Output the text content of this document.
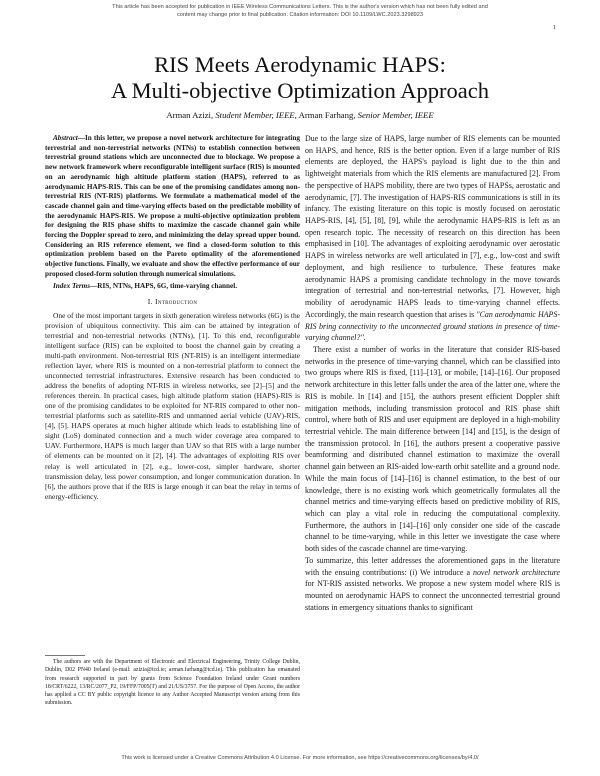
This article has been accepted for publication in IEEE Wireless Communications Letters. This is the author's version which has not been fully edited and
content may change prior to final publication. Citation information: DOI 10.1109/LWC.2023.3298923
1
RIS Meets Aerodynamic HAPS:
A Multi-objective Optimization Approach
Arman Azizi, Student Member, IEEE, Arman Farhang, Senior Member, IEEE

Abstract—In this letter, we propose a novel network architecture for integrating terrestrial and non-terrestrial networks (NTNs) to establish connection between terrestrial ground stations which are unconnected due to blockage. We propose a new network framework where reconfigurable intelligent surface (RIS) is mounted on an aerodynamic high altitude platform station (HAPS), referred to as aerodynamic HAPS-RIS. This can be one of the promising candidates among non-terrestrial RIS (NT-RIS) platforms. We formulate a mathematical model of the cascade channel gain and time-varying effects based on the predictable mobility of the aerodynamic HAPS-RIS. We propose a multi-objective optimization problem for designing the RIS phase shifts to maximize the cascade channel gain while forcing the Doppler spread to zero, and minimizing the delay spread upper bound. Considering an RIS reference element, we find a closed-form solution to this optimization problem based on the Pareto optimality of the aforementioned objective functions. Finally, we evaluate and show the effective performance of our proposed closed-form solution through numerical simulations.

Index Terms—RIS, NTNs, HAPS, 6G, time-varying channel.

I. Introduction

One of the most important targets in sixth generation wireless networks (6G) is the provision of ubiquitous connectivity. This aim can be attained by integration of terrestrial and non-terrestrial networks (NTNs), [1]. To this end, reconfigurable intelligent surface (RIS) can be exploited to boost the channel gain by creating a multi-path environment. Non-terrestrial RIS (NT-RIS) is an intelligent intermediate reflection layer, where RIS is mounted on a non-terrestrial platform to connect the unconnected terrestrial infrastructures. Extensive research has been conducted to address the benefits of adopting NT-RIS in wireless networks, see [2]–[5] and the references therein. In practical cases, high altitude platform station (HAPS)-RIS is one of the promising candidates to be exploited for NT-RIS compared to other non-terrestrial platforms such as satellite-RIS and unmanned aerial vehicle (UAV)-RIS, [4], [5]. HAPS operates at much higher altitude which leads to establishing line of sight (LoS) dominated connection and a much wider coverage area compared to UAV. Furthermore, HAPS is much larger than UAV so that RIS with a large number of elements can be mounted on it [2], [4]. The advantages of exploiting RIS over relay is well articulated in [2], e.g., lower-cost, simpler hardware, shorter transmission delay, less power consumption, and longer communication duration. In [6], the authors prove that if the RIS is large enough it can beat the relay in terms of energy-efficiency.

Due to the large size of HAPS, large number of RIS elements can be mounted on HAPS, and hence, RIS is the better option. Even if a large number of RIS elements are deployed, the HAPS's payload is light due to the thin and lightweight materials from which the RIS elements are manufactured [2]. From the perspective of HAPS mobility, there are two types of HAPSs, aerostatic and aerodynamic, [7]. The investigation of HAPS-RIS communications is still in its infancy. The existing literature on this topic is mostly focused on aerostatic HAPS-RIS, [4], [5], [8], [9], while the aerodynamic HAPS-RIS is left as an open research topic. The necessity of research on this direction has been emphasised in [10]. The advantages of exploiting aerodynamic over aerostatic HAPS in wireless networks are well articulated in [7], e.g., low-cost and swift deployment, and high resilience to turbulence. These features make aerodynamic HAPS a promising candidate technology in the move towards integration of terrestrial and non-terrestrial networks, [7]. However, high mobility of aerodynamic HAPS leads to time-varying channel effects. Accordingly, the main research question that arises is "Can aerodynamic HAPS-RIS bring connectivity to the unconnected ground stations in presence of time-varying channel?".

There exist a number of works in the literature that consider RIS-based networks in the presence of time-varying channel, which can be classified into two groups where RIS is fixed, [11]–[13], or mobile, [14]–[16]. Our proposed network architecture in this letter falls under the area of the latter one, where the RIS is mobile. In [14] and [15], the authors present efficient Doppler shift mitigation methods, including transmission protocol and RIS phase shift control, where both of RIS and user equipment are deployed in a high-mobility terrestrial vehicle. The main difference between [14] and [15], is the design of the transmission protocol. In [16], the authors present a cooperative passive beamforming and distributed channel estimation to maximize the overall channel gain between an RIS-aided low-earth orbit satellite and a ground node. While the main focus of [14]–[16] is channel estimation, to the best of our knowledge, there is no existing work which geometrically formulates all the channel metrics and time-varying effects based on predictive mobility of RIS, which can play a vital role in reducing the computational complexity. Furthermore, the authors in [14]–[16] only consider one side of the cascade channel to be time-varying, while in this letter we investigate the case where both sides of the cascade channel are time-varying.

To summarize, this letter addresses the aforementioned gaps in the literature with the ensuing contributions: (i) We introduce a novel network architecture for NT-RIS assisted networks. We propose a new system model where RIS is mounted on aerodynamic HAPS to connect the unconnected terrestrial ground stations in emergency situations thanks to significant

The authors are with the Department of Electronic and Electrical Engineering, Trinity College Dublin, Dublin, D02 PN40 Ireland (e-mail: azizia@tcd.ie; arman.farhang@tcd.ie). This publication has emanated from research supported in part by grants from Science Foundation Ireland under Grant numbers 18/CRT/6222, 13/RC/2077_P2, 19/FFP/7005(T) and 21/US/3757. For the purpose of Open Access, the author has applied a CC BY public copyright licence to any Author Accepted Manuscript version arising from this submission.
This work is licensed under a Creative Commons Attribution 4.0 License. For more information, see https://creativecommons.org/licenses/by/4.0/
